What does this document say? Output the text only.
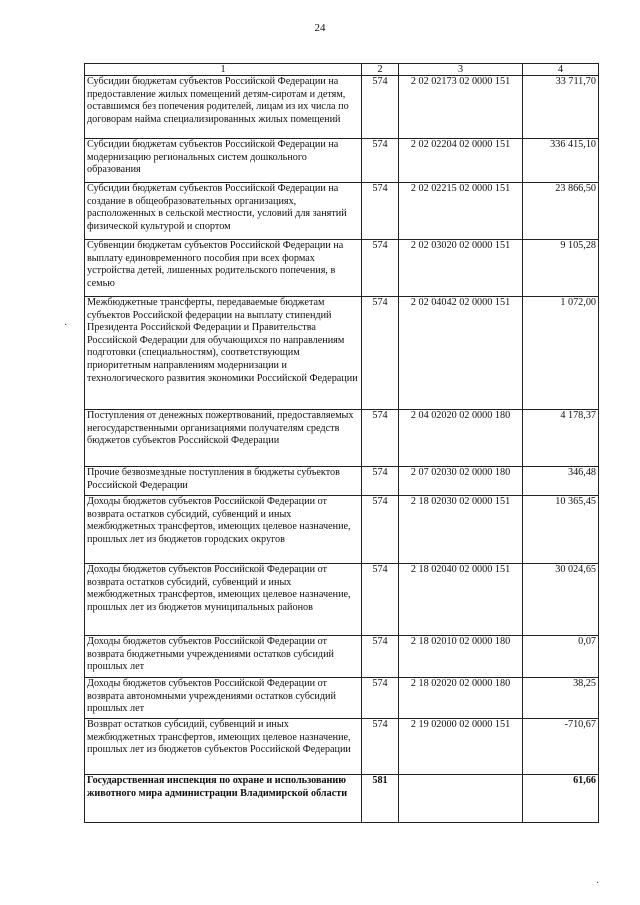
24
1	2	3	4
Субсидии бюджетам субъектов Российской Федерации на предоставление жилых помещений детям-сиротам и детям, оставшимся без попечения родителей, лицам из их числа по договорам найма специализированных жилых помещений	574	2 02 02173 02 0000 151	33 711,70
Субсидии бюджетам субъектов Российской Федерации на модернизацию региональных систем дошкольного образования	574	2 02 02204 02 0000 151	336 415,10
Субсидии бюджетам субъектов Российской Федерации на создание в общеобразовательных организациях, расположенных в сельской местности, условий для занятий физической культурой и спортом	574	2 02 02215 02 0000 151	23 866,50
Субвенции бюджетам субъектов Российской Федерации на выплату единовременного пособия при всех формах устройства детей, лишенных родительского попечения, в семью	574	2 02 03020 02 0000 151	9 105,28
Межбюджетные трансферты, передаваемые бюджетам субъектов Российской федерации на выплату стипендий Президента Российской Федерации и Правительства Российской Федерации для обучающихся по направлениям подготовки (специальностям), соответствующим приоритетным направлениям модернизации и технологического развития экономики Российской Федерации	574	2 02 04042 02 0000 151	1 072,00
Поступления от денежных пожертвований, предоставляемых негосударственными организациями получателям средств бюджетов субъектов Российской Федерации	574	2 04 02020 02 0000 180	4 178,37
Прочие безвозмездные поступления в бюджеты субъектов Российской Федерации	574	2 07 02030 02 0000 180	346,48
Доходы бюджетов субъектов Российской Федерации от возврата остатков субсидий, субвенций и иных межбюджетных трансфертов, имеющих целевое назначение, прошлых лет из бюджетов городских округов	574	2 18 02030 02 0000 151	10 365,45
Доходы бюджетов субъектов Российской Федерации от возврата остатков субсидий, субвенций и иных межбюджетных трансфертов, имеющих целевое назначение, прошлых лет из бюджетов муниципальных районов	574	2 18 02040 02 0000 151	30 024,65
Доходы бюджетов субъектов Российской Федерации от возврата бюджетными учреждениями остатков субсидий прошлых лет	574	2 18 02010 02 0000 180	0,07
Доходы бюджетов субъектов Российской Федерации от возврата автономными учреждениями остатков субсидий прошлых лет	574	2 18 02020 02 0000 180	38,25
Возврат остатков субсидий, субвенций и иных межбюджетных трансфертов, имеющих целевое назначение, прошлых лет из бюджетов субъектов Российской Федерации	574	2 19 02000 02 0000 151	-710,67
Государственная инспекция по охране и использованию животного мира администрации Владимирской области	581		61,66
·
·
